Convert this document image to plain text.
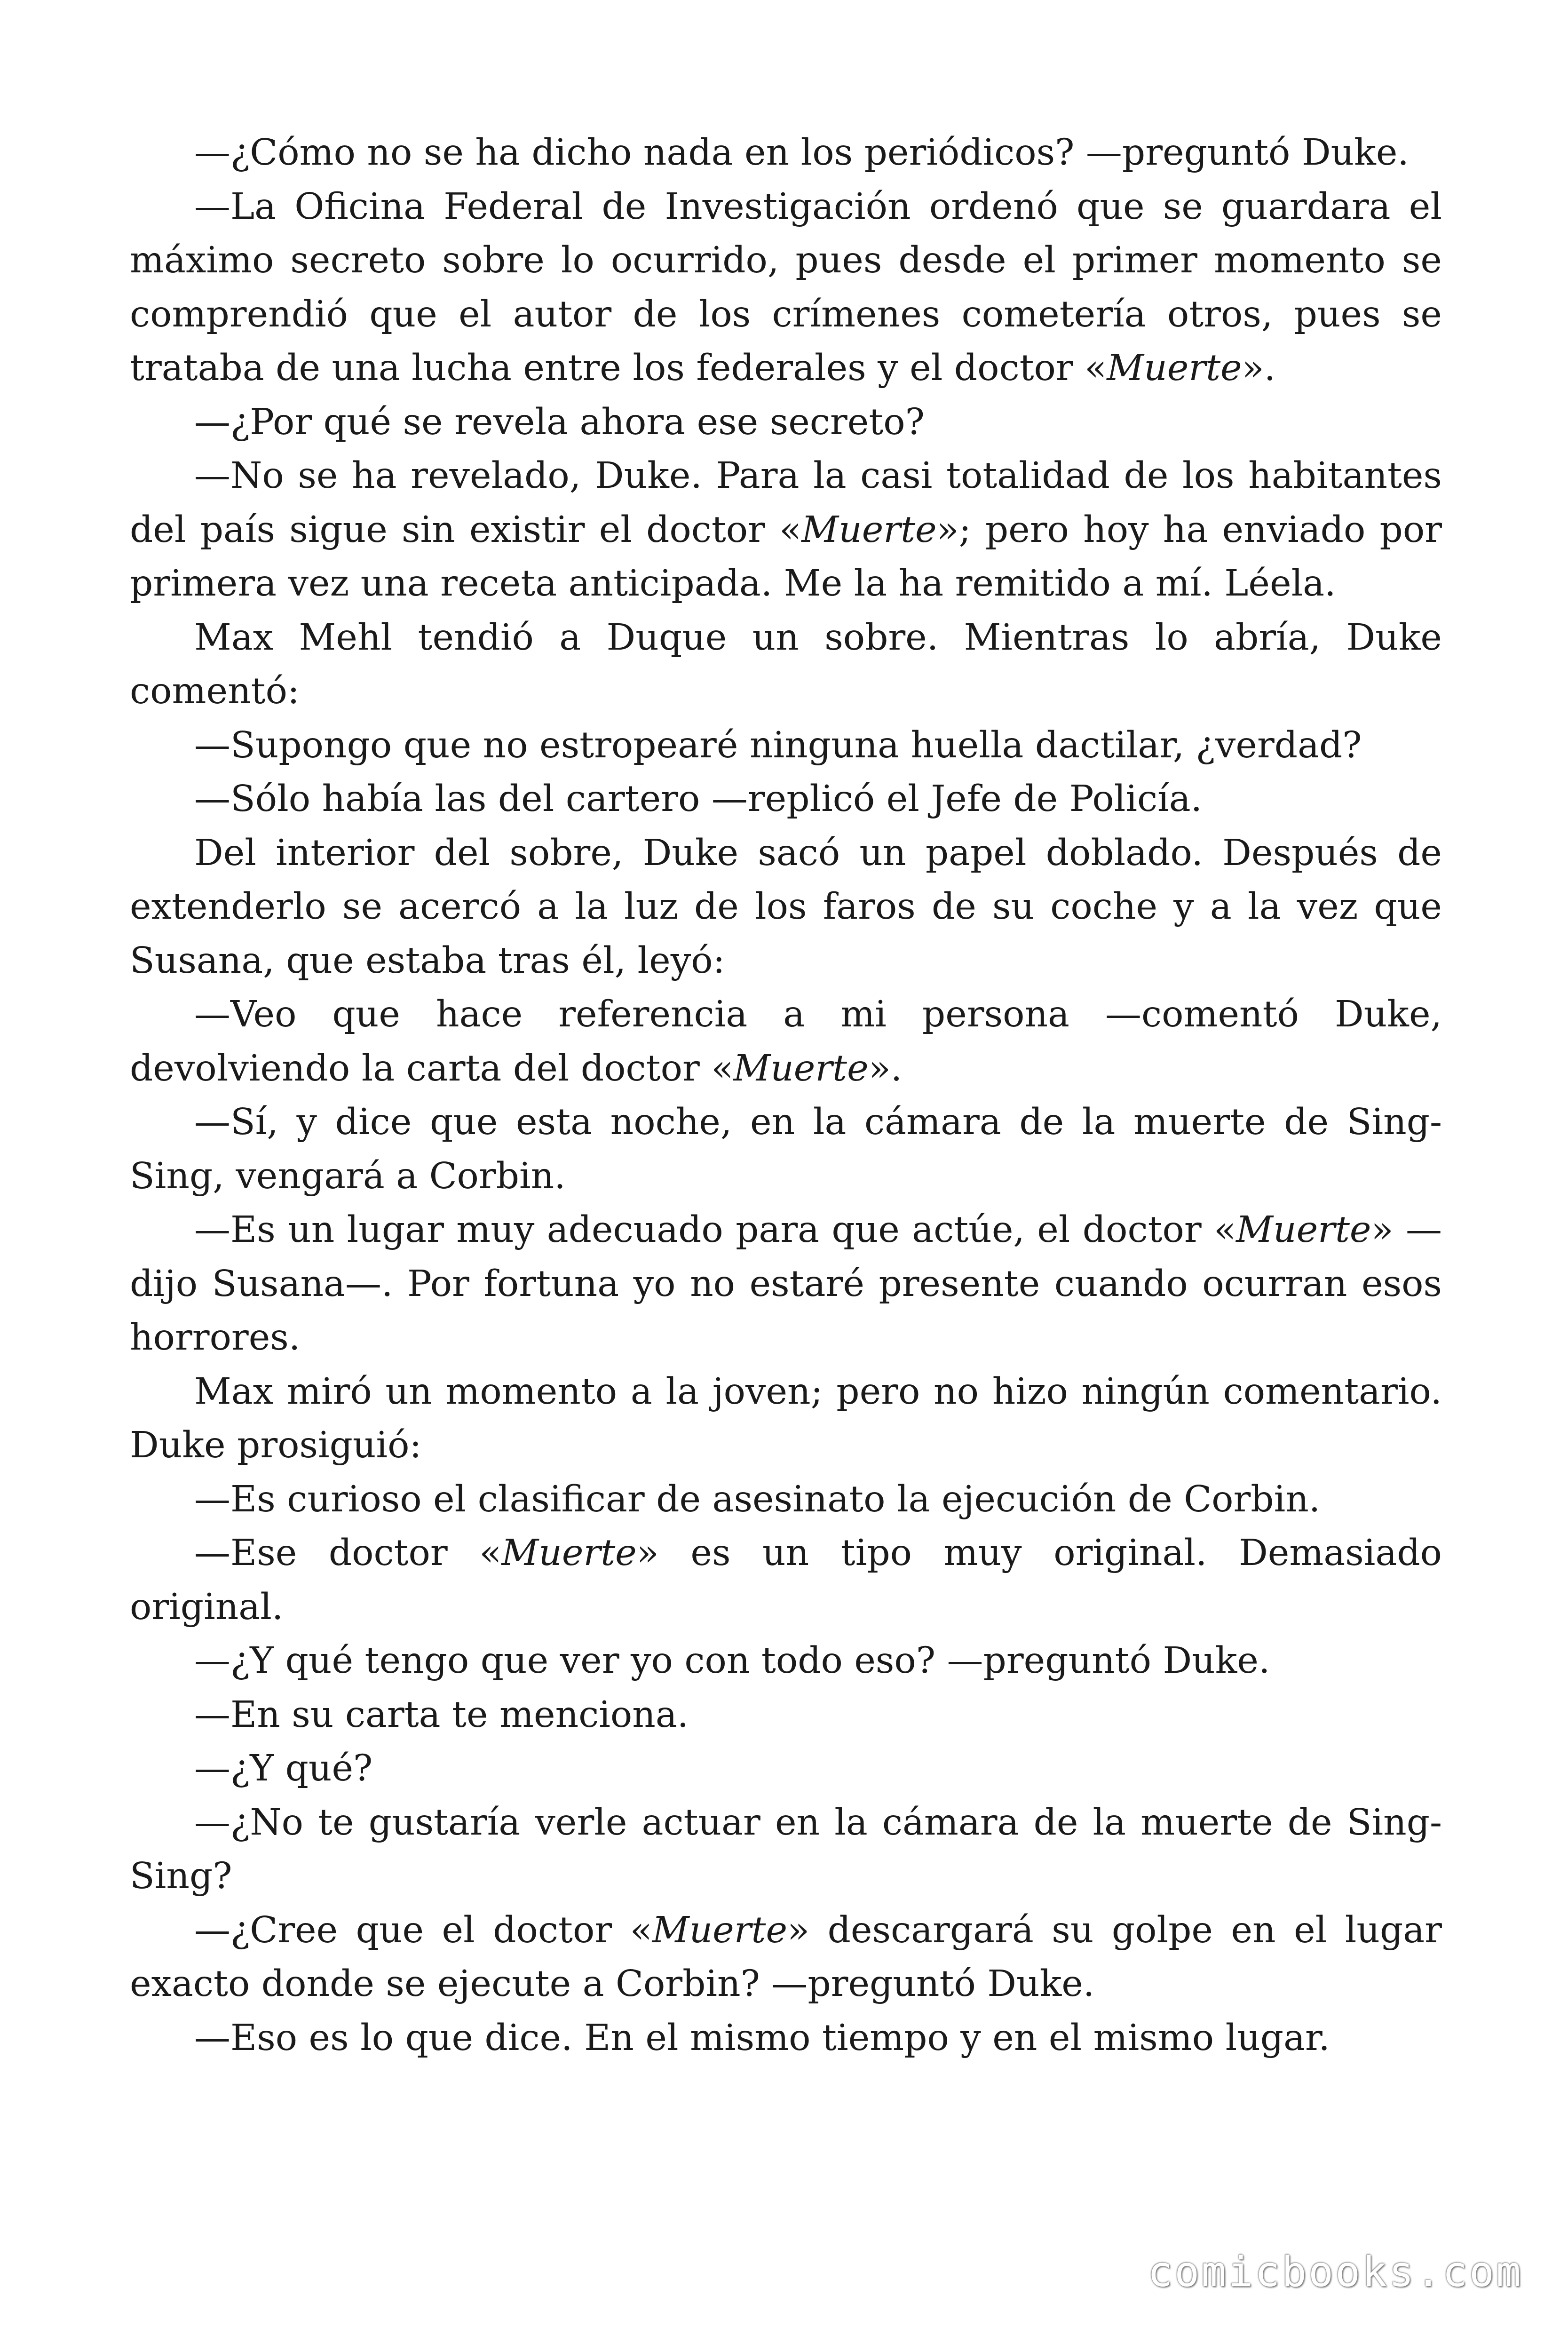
—¿Cómo no se ha dicho nada en los periódicos? —preguntó Duke.

—La Oficina Federal de Investigación ordenó que se guardara el máximo secreto sobre lo ocurrido, pues desde el primer momento se comprendió que el autor de los crímenes cometería otros, pues se trataba de una lucha entre los federales y el doctor «Muerte».

—¿Por qué se revela ahora ese secreto?

—No se ha revelado, Duke. Para la casi totalidad de los habitantes del país sigue sin existir el doctor «Muerte»; pero hoy ha enviado por primera vez una receta anticipada. Me la ha remitido a mí. Léela.

Max Mehl tendió a Duque un sobre. Mientras lo abría, Duke comentó:

—Supongo que no estropearé ninguna huella dactilar, ¿verdad?

—Sólo había las del cartero —replicó el Jefe de Policía.

Del interior del sobre, Duke sacó un papel doblado. Después de extenderlo se acercó a la luz de los faros de su coche y a la vez que Susana, que estaba tras él, leyó:

—Veo que hace referencia a mi persona —comentó Duke, devolviendo la carta del doctor «Muerte».

—Sí, y dice que esta noche, en la cámara de la muerte de Sing-Sing, vengará a Corbin.

—Es un lugar muy adecuado para que actúe, el doctor «Muerte» —dijo Susana—. Por fortuna yo no estaré presente cuando ocurran esos horrores.

Max miró un momento a la joven; pero no hizo ningún comentario. Duke prosiguió:

—Es curioso el clasificar de asesinato la ejecución de Corbin.

—Ese doctor «Muerte» es un tipo muy original. Demasiado original.

—¿Y qué tengo que ver yo con todo eso? —preguntó Duke.

—En su carta te menciona.

—¿Y qué?

—¿No te gustaría verle actuar en la cámara de la muerte de Sing-Sing?

—¿Cree que el doctor «Muerte» descargará su golpe en el lugar exacto donde se ejecute a Corbin? —preguntó Duke.

—Eso es lo que dice. En el mismo tiempo y en el mismo lugar.

comicbooks.com
